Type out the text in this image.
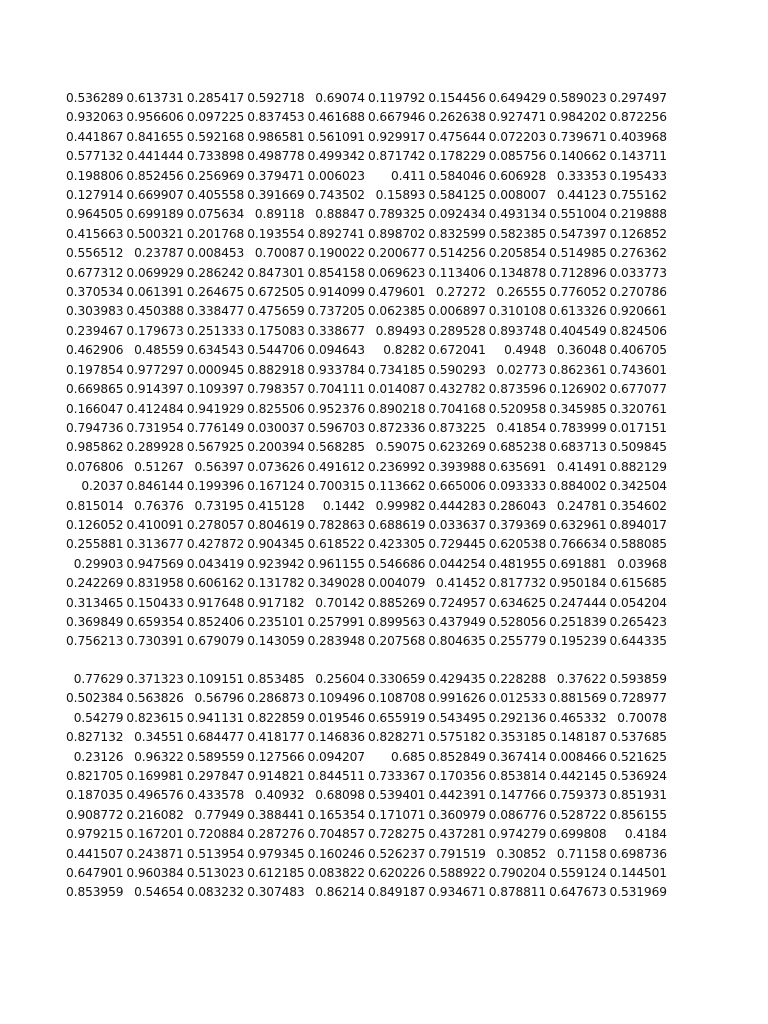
0.536289	0.613731	0.285417	0.592718	0.69074	0.119792	0.154456	0.649429	0.589023	0.297497
0.932063	0.956606	0.097225	0.837453	0.461688	0.667946	0.262638	0.927471	0.984202	0.872256
0.441867	0.841655	0.592168	0.986581	0.561091	0.929917	0.475644	0.072203	0.739671	0.403968
0.577132	0.441444	0.733898	0.498778	0.499342	0.871742	0.178229	0.085756	0.140662	0.143711
0.198806	0.852456	0.256969	0.379471	0.006023	0.411	0.584046	0.606928	0.33353	0.195433
0.127914	0.669907	0.405558	0.391669	0.743502	0.15893	0.584125	0.008007	0.44123	0.755162
0.964505	0.699189	0.075634	0.89118	0.88847	0.789325	0.092434	0.493134	0.551004	0.219888
0.415663	0.500321	0.201768	0.193554	0.892741	0.898702	0.832599	0.582385	0.547397	0.126852
0.556512	0.23787	0.008453	0.70087	0.190022	0.200677	0.514256	0.205854	0.514985	0.276362
0.677312	0.069929	0.286242	0.847301	0.854158	0.069623	0.113406	0.134878	0.712896	0.033773
0.370534	0.061391	0.264675	0.672505	0.914099	0.479601	0.27272	0.26555	0.776052	0.270786
0.303983	0.450388	0.338477	0.475659	0.737205	0.062385	0.006897	0.310108	0.613326	0.920661
0.239467	0.179673	0.251333	0.175083	0.338677	0.89493	0.289528	0.893748	0.404549	0.824506
0.462906	0.48559	0.634543	0.544706	0.094643	0.8282	0.672041	0.4948	0.36048	0.406705
0.197854	0.977297	0.000945	0.882918	0.933784	0.734185	0.590293	0.02773	0.862361	0.743601
0.669865	0.914397	0.109397	0.798357	0.704111	0.014087	0.432782	0.873596	0.126902	0.677077
0.166047	0.412484	0.941929	0.825506	0.952376	0.890218	0.704168	0.520958	0.345985	0.320761
0.794736	0.731954	0.776149	0.030037	0.596703	0.872336	0.873225	0.41854	0.783999	0.017151
0.985862	0.289928	0.567925	0.200394	0.568285	0.59075	0.623269	0.685238	0.683713	0.509845
0.076806	0.51267	0.56397	0.073626	0.491612	0.236992	0.393988	0.635691	0.41491	0.882129
0.2037	0.846144	0.199396	0.167124	0.700315	0.113662	0.665006	0.093333	0.884002	0.342504
0.815014	0.76376	0.73195	0.415128	0.1442	0.99982	0.444283	0.286043	0.24781	0.354602
0.126052	0.410091	0.278057	0.804619	0.782863	0.688619	0.033637	0.379369	0.632961	0.894017
0.255881	0.313677	0.427872	0.904345	0.618522	0.423305	0.729445	0.620538	0.766634	0.588085
0.29903	0.947569	0.043419	0.923942	0.961155	0.546686	0.044254	0.481955	0.691881	0.03968
0.242269	0.831958	0.606162	0.131782	0.349028	0.004079	0.41452	0.817732	0.950184	0.615685
0.313465	0.150433	0.917648	0.917182	0.70142	0.885269	0.724957	0.634625	0.247444	0.054204
0.369849	0.659354	0.852406	0.235101	0.257991	0.899563	0.437949	0.528056	0.251839	0.265423
0.756213	0.730391	0.679079	0.143059	0.283948	0.207568	0.804635	0.255779	0.195239	0.644335
0.77629	0.371323	0.109151	0.853485	0.25604	0.330659	0.429435	0.228288	0.37622	0.593859
0.502384	0.563826	0.56796	0.286873	0.109496	0.108708	0.991626	0.012533	0.881569	0.728977
0.54279	0.823615	0.941131	0.822859	0.019546	0.655919	0.543495	0.292136	0.465332	0.70078
0.827132	0.34551	0.684477	0.418177	0.146836	0.828271	0.575182	0.353185	0.148187	0.537685
0.23126	0.96322	0.589559	0.127566	0.094207	0.685	0.852849	0.367414	0.008466	0.521625
0.821705	0.169981	0.297847	0.914821	0.844511	0.733367	0.170356	0.853814	0.442145	0.536924
0.187035	0.496576	0.433578	0.40932	0.68098	0.539401	0.442391	0.147766	0.759373	0.851931
0.908772	0.216082	0.77949	0.388441	0.165354	0.171071	0.360979	0.086776	0.528722	0.856155
0.979215	0.167201	0.720884	0.287276	0.704857	0.728275	0.437281	0.974279	0.699808	0.4184
0.441507	0.243871	0.513954	0.979345	0.160246	0.526237	0.791519	0.30852	0.71158	0.698736
0.647901	0.960384	0.513023	0.612185	0.083822	0.620226	0.588922	0.790204	0.559124	0.144501
0.853959	0.54654	0.083232	0.307483	0.86214	0.849187	0.934671	0.878811	0.647673	0.531969
